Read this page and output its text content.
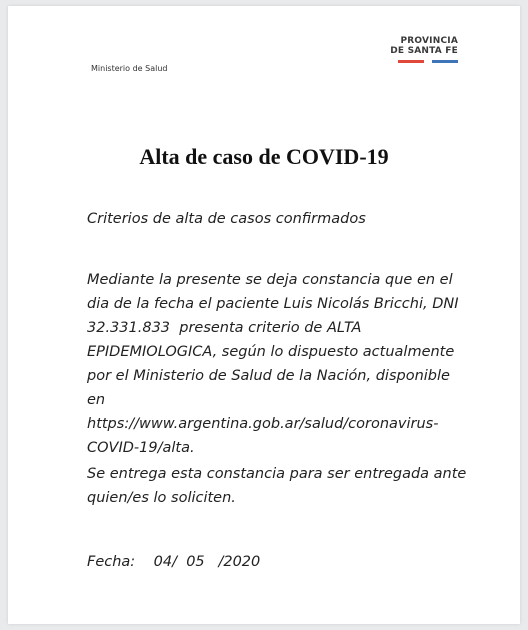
Ministerio de Salud
PROVINCIA
DE SANTA FE
Alta de caso de COVID-19
Criterios de alta de casos confirmados
Mediante la presente se deja constancia que en el
dia de la fecha el paciente Luis Nicolás Bricchi, DNI
32.331.833  presenta criterio de ALTA
EPIDEMIOLOGICA, según lo dispuesto actualmente
por el Ministerio de Salud de la Nación, disponible
en
https://www.argentina.gob.ar/salud/coronavirus-
COVID-19/alta.
Se entrega esta constancia para ser entregada ante
quien/es lo soliciten.
Fecha: 04/  05   /2020
